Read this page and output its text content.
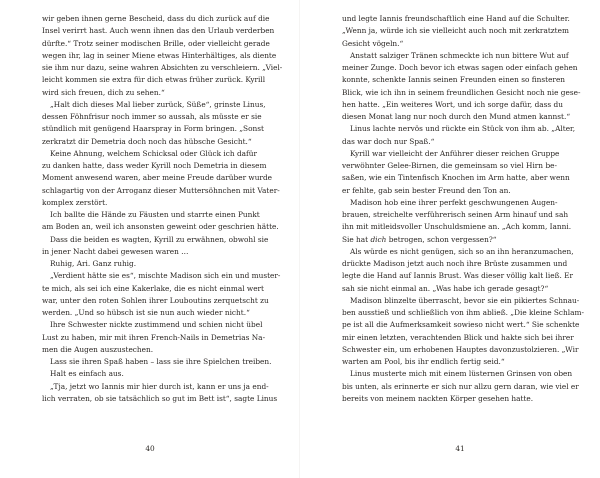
wir geben ihnen gerne Bescheid, dass du dich zurück auf die
Insel verirrt hast. Auch wenn ihnen das den Urlaub verderben
dürfte.“ Trotz seiner modischen Brille, oder vielleicht gerade
wegen ihr, lag in seiner Miene etwas Hinterhältiges, als diente
sie ihm nur dazu, seine wahren Absichten zu verschleiern. „Viel-
leicht kommen sie extra für dich etwas früher zurück. Kyrill
wird sich freuen, dich zu sehen.“
„Halt dich dieses Mal lieber zurück, Süße“, grinste Linus,
dessen Föhnfrisur noch immer so aussah, als müsste er sie
stündlich mit genügend Haarspray in Form bringen. „Sonst
zerkratzt dir Demetria doch noch das hübsche Gesicht.“
Keine Ahnung, welchem Schicksal oder Glück ich dafür
zu danken hatte, dass weder Kyrill noch Demetria in diesem
Moment anwesend waren, aber meine Freude darüber wurde
schlagartig von der Arroganz dieser Muttersöhnchen mit Vater-
komplex zerstört.
Ich ballte die Hände zu Fäusten und starrte einen Punkt
am Boden an, weil ich ansonsten geweint oder geschrien hätte.
Dass die beiden es wagten, Kyrill zu erwähnen, obwohl sie
in jener Nacht dabei gewesen waren …
Ruhig, Ari. Ganz ruhig.
„Verdient hätte sie es“, mischte Madison sich ein und muster-
te mich, als sei ich eine Kakerlake, die es nicht einmal wert
war, unter den roten Sohlen ihrer Louboutins zerquetscht zu
werden. „Und so hübsch ist sie nun auch wieder nicht.“
Ihre Schwester nickte zustimmend und schien nicht übel
Lust zu haben, mir mit ihren French-Nails in Demetrias Na-
men die Augen auszustechen.
Lass sie ihren Spaß haben – lass sie ihre Spielchen treiben.
Halt es einfach aus.
„Tja, jetzt wo Iannis mir hier durch ist, kann er uns ja end-
lich verraten, ob sie tatsächlich so gut im Bett ist“, sagte Linus
40
und legte Iannis freundschaftlich eine Hand auf die Schulter.
„Wenn ja, würde ich sie vielleicht auch noch mit zerkratztem
Gesicht vögeln.“
Anstatt salziger Tränen schmeckte ich nun bittere Wut auf
meiner Zunge. Doch bevor ich etwas sagen oder einfach gehen
konnte, schenkte Iannis seinen Freunden einen so finsteren
Blick, wie ich ihn in seinem freundlichen Gesicht noch nie gese-
hen hatte. „Ein weiteres Wort, und ich sorge dafür, dass du
diesen Monat lang nur noch durch den Mund atmen kannst.“
Linus lachte nervös und rückte ein Stück von ihm ab. „Alter,
das war doch nur Spaß.“
Kyrill war vielleicht der Anführer dieser reichen Gruppe
verwöhnter Gelee-Birnen, die gemeinsam so viel Hirn be-
saßen, wie ein Tintenfisch Knochen im Arm hatte, aber wenn
er fehlte, gab sein bester Freund den Ton an.
Madison hob eine ihrer perfekt geschwungenen Augen-
brauen, streichelte verführerisch seinen Arm hinauf und sah
ihn mit mitleidsvoller Unschuldsmiene an. „Ach komm, Ianni.
Sie hat dich betrogen, schon vergessen?“
Als würde es nicht genügen, sich so an ihn heranzumachen,
drückte Madison jetzt auch noch ihre Brüste zusammen und
legte die Hand auf Iannis Brust. Was dieser völlig kalt ließ. Er
sah sie nicht einmal an. „Was habe ich gerade gesagt?“
Madison blinzelte überrascht, bevor sie ein pikiertes Schnau-
ben ausstieß und schließlich von ihm abließ. „Die kleine Schlam-
pe ist all die Aufmerksamkeit sowieso nicht wert.“ Sie schenkte
mir einen letzten, verachtenden Blick und hakte sich bei ihrer
Schwester ein, um erhobenen Hauptes davonzustolzieren. „Wir
warten am Pool, bis ihr endlich fertig seid.“
Linus musterte mich mit einem lüsternen Grinsen von oben
bis unten, als erinnerte er sich nur allzu gern daran, wie viel er
bereits von meinem nackten Körper gesehen hatte.
41
